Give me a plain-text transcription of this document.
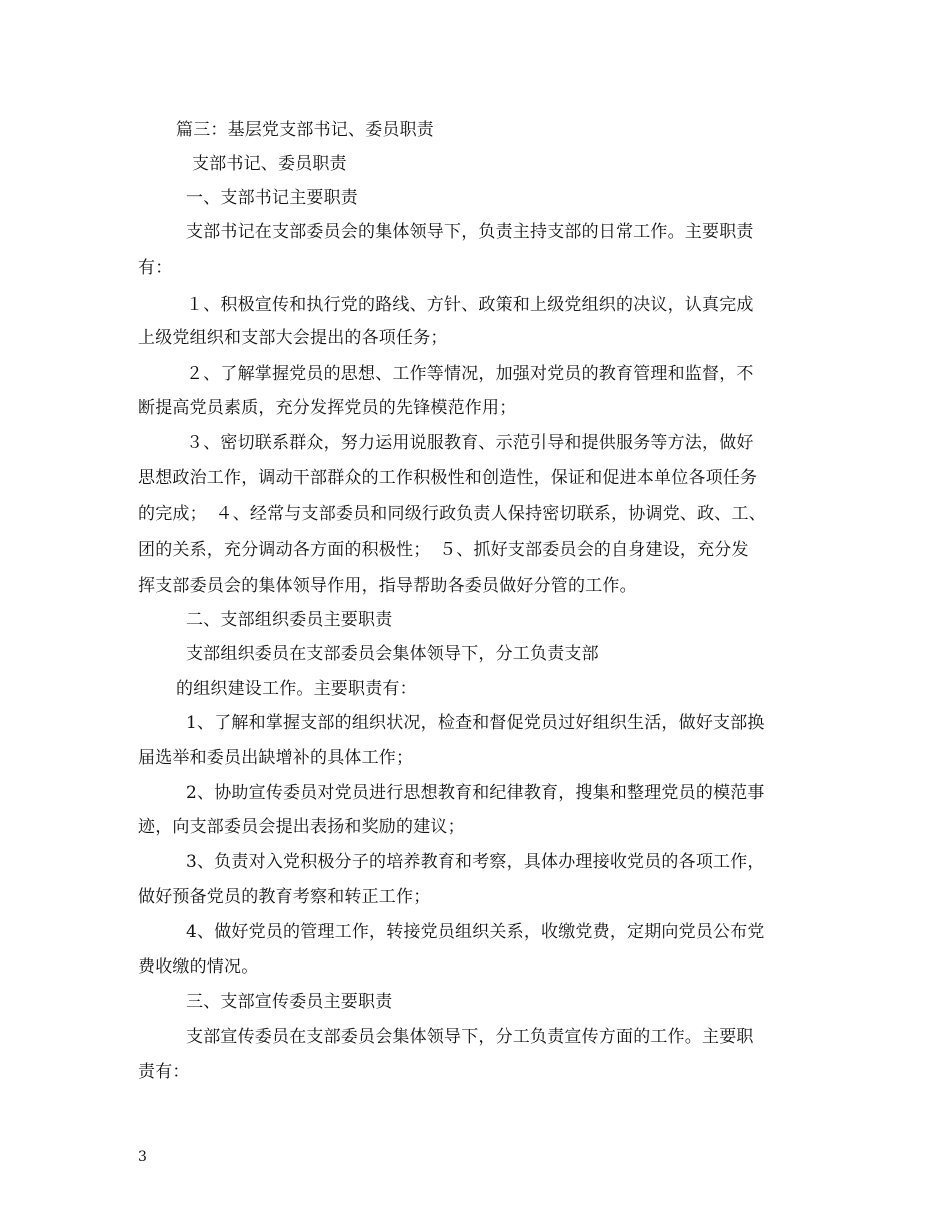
篇三：基层党支部书记、委员职责
支部书记、委员职责
一、支部书记主要职责
支部书记在支部委员会的集体领导下，负责主持支部的日常工作。主要职责
有：
１、积极宣传和执行党的路线、方针、政策和上级党组织的决议，认真完成
上级党组织和支部大会提出的各项任务；
２、了解掌握党员的思想、工作等情况，加强对党员的教育管理和监督，不
断提高党员素质，充分发挥党员的先锋模范作用；
３、密切联系群众，努力运用说服教育、示范引导和提供服务等方法，做好
思想政治工作，调动干部群众的工作积极性和创造性，保证和促进本单位各项任务
的完成；　４、经常与支部委员和同级行政负责人保持密切联系，协调党、政、工、
团的关系，充分调动各方面的积极性；　５、抓好支部委员会的自身建设，充分发
挥支部委员会的集体领导作用，指导帮助各委员做好分管的工作。
二、支部组织委员主要职责
支部组织委员在支部委员会集体领导下，分工负责支部
的组织建设工作。主要职责有：
1、了解和掌握支部的组织状况，检查和督促党员过好组织生活，做好支部换
届选举和委员出缺增补的具体工作；
2、协助宣传委员对党员进行思想教育和纪律教育，搜集和整理党员的模范事
迹，向支部委员会提出表扬和奖励的建议；
3、负责对入党积极分子的培养教育和考察，具体办理接收党员的各项工作，
做好预备党员的教育考察和转正工作；
4、做好党员的管理工作，转接党员组织关系，收缴党费，定期向党员公布党
费收缴的情况。
三、支部宣传委员主要职责
支部宣传委员在支部委员会集体领导下，分工负责宣传方面的工作。主要职
责有：
3
